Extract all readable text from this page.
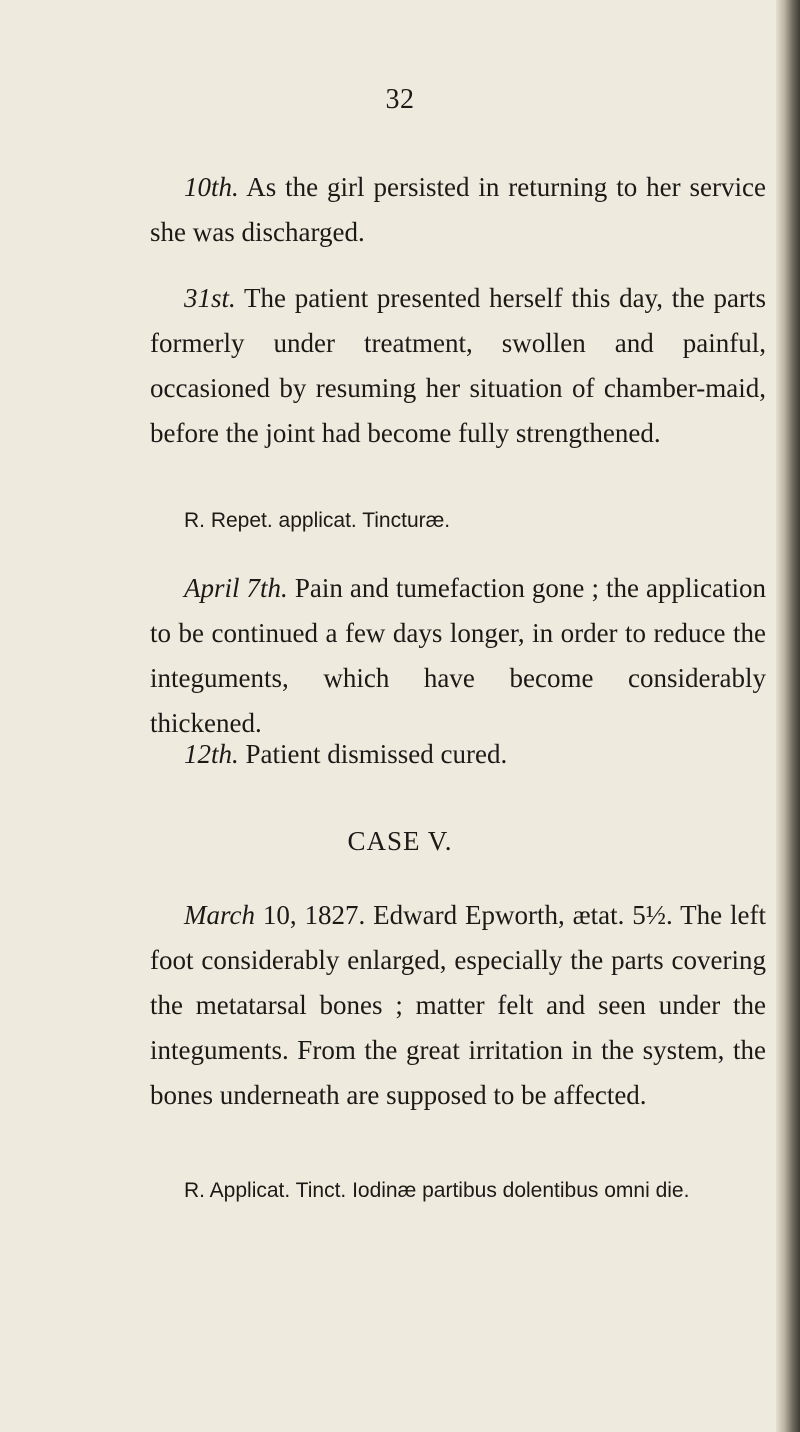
32

10th. As the girl persisted in returning to her service she was discharged.

31st. The patient presented herself this day, the parts formerly under treatment, swollen and painful, occasioned by resuming her situation of chamber-maid, before the joint had become fully strengthened.

R. Repet. applicat. Tincturæ.

April 7th. Pain and tumefaction gone ; the application to be continued a few days longer, in order to reduce the integuments, which have become considerably thickened.

12th. Patient dismissed cured.

CASE V.

March 10, 1827. Edward Epworth, ætat. 5½. The left foot considerably enlarged, especially the parts covering the metatarsal bones ; matter felt and seen under the integuments. From the great irritation in the system, the bones underneath are supposed to be affected.

R. Applicat. Tinct. Iodinæ partibus dolentibus omni die.
